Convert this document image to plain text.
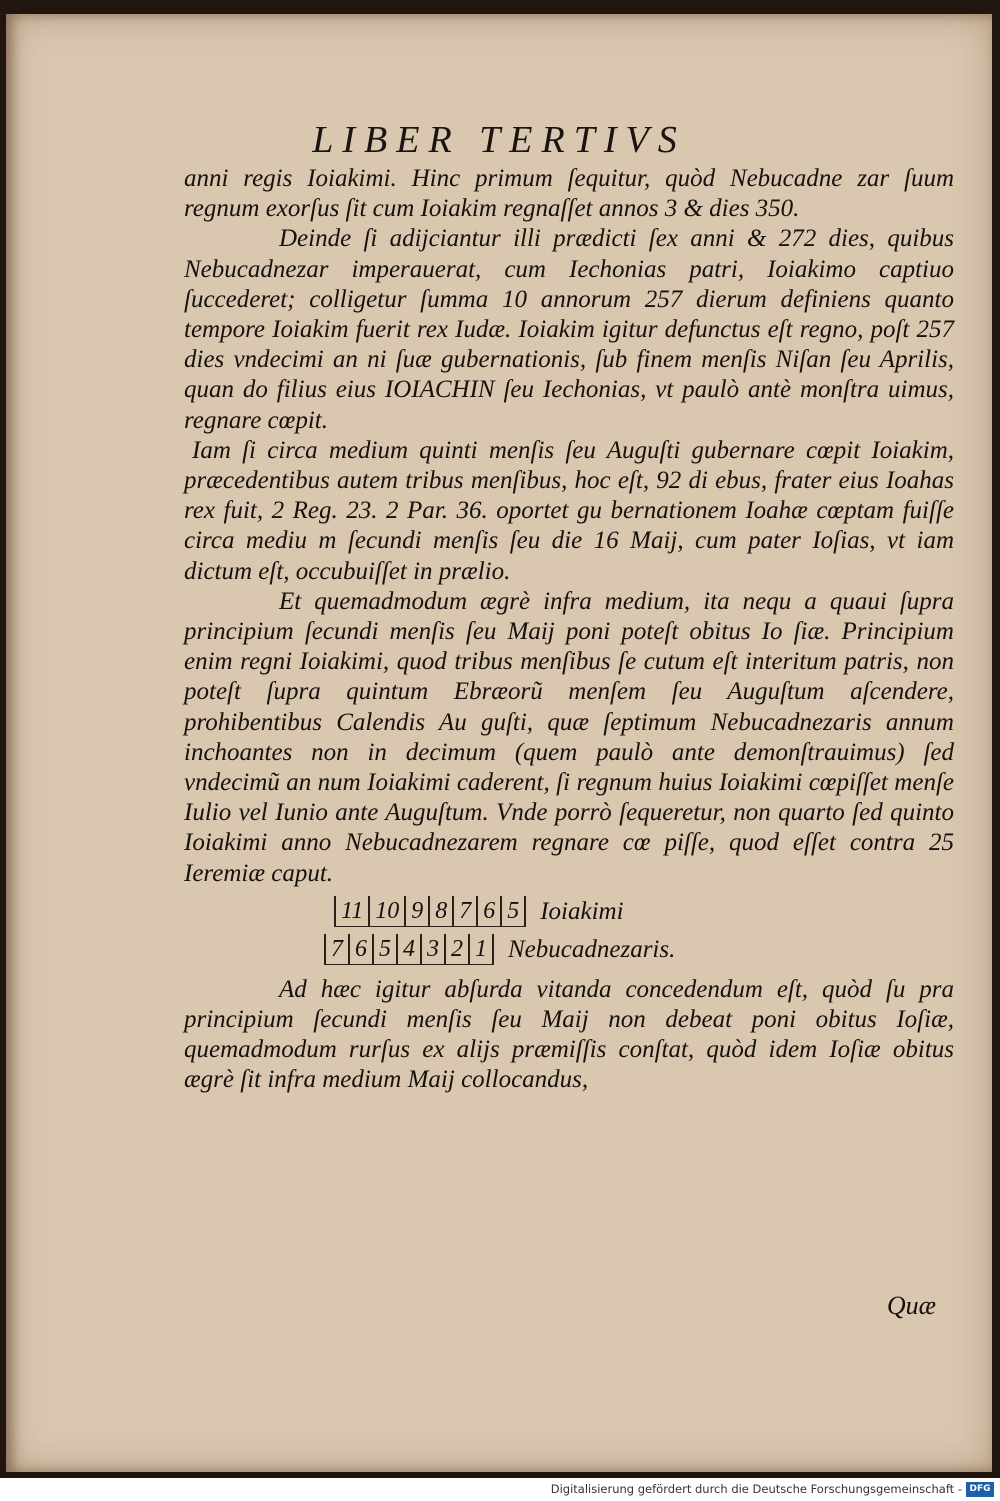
LIBER TERTIVS

anni regis Ioiakimi. Hinc primum ſequitur, quòd Nebucadne zar ſuum regnum exorſus ſit cum Ioiakim regnaſſet annos 3 & dies 350.

Deinde ſi adijciantur illi prædicti ſex anni & 272 dies, quibus Nebucadnezar imperauerat, cum Iechonias patri, Ioiakimo captiuo ſuccederet; colligetur ſumma 10 annorum 257 dierum definiens quanto tempore Ioiakim fuerit rex Iudæ. Ioiakim igitur defunctus eſt regno, poſt 257 dies vndecimi an ni ſuæ gubernationis, ſub finem menſis Niſan ſeu Aprilis, quan do filius eius IOIACHIN ſeu Iechonias, vt paulò antè monſtra uimus, regnare cœpit.

Iam ſi circa medium quinti menſis ſeu Auguſti gubernare cœpit Ioiakim, præcedentibus autem tribus menſibus, hoc eſt, 92 di ebus, frater eius Ioahas rex fuit, 2 Reg. 23. 2 Par. 36. oportet gu bernationem Ioahæ cœptam fuiſſe circa mediu m ſecundi menſis ſeu die 16 Maij, cum pater Ioſias, vt iam dictum eſt, occubuiſſet in prælio.

Et quemadmodum ægrè infra medium, ita nequ a quaui ſupra principium ſecundi menſis ſeu Maij poni poteſt obitus Io ſiæ. Principium enim regni Ioiakimi, quod tribus menſibus ſe cutum eſt interitum patris, non poteſt ſupra quintum Ebræorũ menſem ſeu Auguſtum aſcendere, prohibentibus Calendis Au guſti, quæ ſeptimum Nebucadnezaris annum inchoantes non in decimum (quem paulò ante demonſtrauimus) ſed vndecimũ an num Ioiakimi caderent, ſi regnum huius Ioiakimi cœpiſſet menſe Iulio vel Iunio ante Auguſtum. Vnde porrò ſequeretur, non quarto ſed quinto Ioiakimi anno Nebucadnezarem regnare cœ piſſe, quod eſſet contra 25 Ieremiæ caput.

11 10 9 8 7 6 5 Ioiakimi
7 6 5 4 3 2 1 Nebucadnezaris.

Ad hæc igitur abſurda vitanda concedendum eſt, quòd ſu pra principium ſecundi menſis ſeu Maij non debeat poni obitus Ioſiæ, quemadmodum rurſus ex alijs præmiſſis conſtat, quòd idem Ioſiæ obitus ægrè ſit infra medium Maij collocandus,

Quæ
Digitalisierung gefördert durch die Deutsche Forschungsgemeinschaft - DFG
